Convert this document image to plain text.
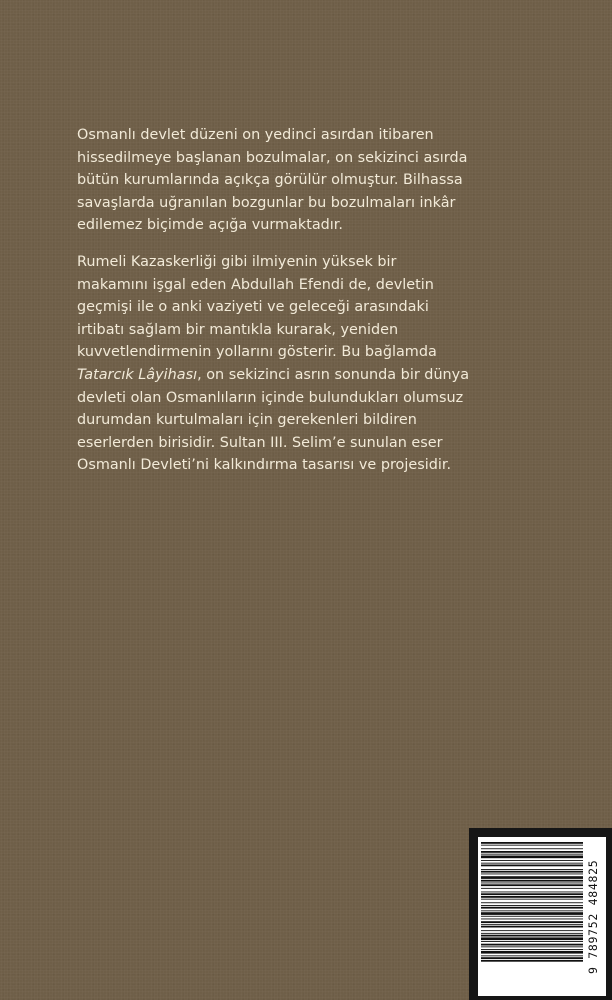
Osmanlı devlet düzeni on yedinci asırdan itibaren
hissedilmeye başlanan bozulmalar, on sekizinci asırda
bütün kurumlarında açıkça görülür olmuştur. Bilhassa
savaşlarda uğranılan bozgunlar bu bozulmaları inkâr
edilemez biçimde açığa vurmaktadır.

Rumeli Kazaskerliği gibi ilmiyenin yüksek bir
makamını işgal eden Abdullah Efendi de, devletin
geçmişi ile o anki vaziyeti ve geleceği arasındaki
irtibatı sağlam bir mantıkla kurarak, yeniden
kuvvetlendirmenin yollarını gösterir. Bu bağlamda
Tatarcık Lâyihası, on sekizinci asrın sonunda bir dünya
devleti olan Osmanlıların içinde bulundukları olumsuz
durumdan kurtulmaları için gerekenleri bildiren
eserlerden birisidir. Sultan III. Selim’e sunulan eser
Osmanlı Devleti’ni kalkındırma tasarısı ve projesidir.

9 789752 484825
